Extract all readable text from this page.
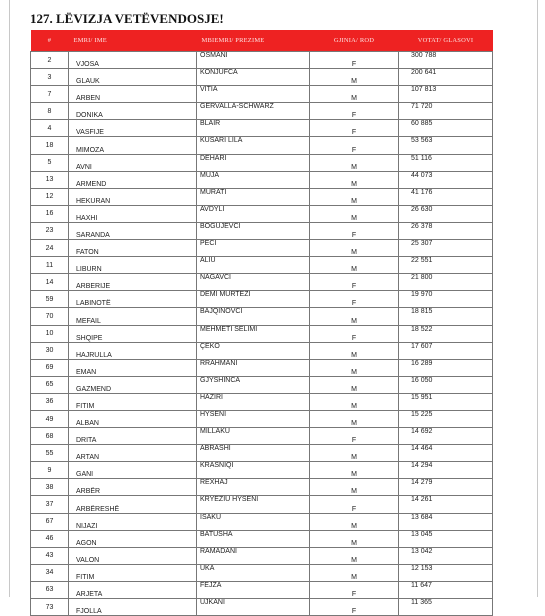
127. LËVIZJA VETËVENDOSJE!
#	EMRI/ IME	MBIEMRI/ PREZIME	GJINIA/ ROD	VOTAT/ GLASOVI
2	VJOSA	OSMANI	F	300 788
3	GLAUK	KONJUFCA	M	200 641
7	ARBEN	VITIA	M	107 813
8	DONIKA	GËRVALLA-SCHWARZ	F	71 720
4	VASFIJE	BLAIR	F	60 885
18	MIMOZA	KUSARI LILA	F	53 563
5	AVNI	DEHARI	M	51 116
13	ARMEND	MUJA	M	44 073
12	HEKURAN	MURATI	M	41 176
16	HAXHI	AVDYLI	M	26 630
23	SARANDA	BOGUJEVCI	F	26 378
24	FATON	PECI	M	25 307
11	LIBURN	ALIU	M	22 551
14	ARBERIJE	NAGAVCI	F	21 800
59	LABINOTË	DEMI MURTEZI	F	19 970
70	MEFAIL	BAJQINOVCI	M	18 815
10	SHQIPE	MEHMETI SELIMI	F	18 522
30	HAJRULLA	ÇEKO	M	17 607
69	EMAN	RRAHMANI	M	16 289
65	GAZMEND	GJYSHINCA	M	16 050
36	FITIM	HAZIRI	M	15 951
49	ALBAN	HYSENI	M	15 225
68	DRITA	MILLAKU	F	14 692
55	ARTAN	ABRASHI	M	14 464
9	GANI	KRASNIQI	M	14 294
38	ARBËR	REXHAJ	M	14 279
37	ARBËRESHË	KRYEZIU HYSENI	F	14 261
67	NIJAZI	ISAKU	M	13 684
46	AGON	BATUSHA	M	13 045
43	VALON	RAMADANI	M	13 042
34	FITIM	UKA	M	12 153
63	ARJETA	FEJZA	F	11 647
73	FJOLLA	UJKANI	F	11 365
